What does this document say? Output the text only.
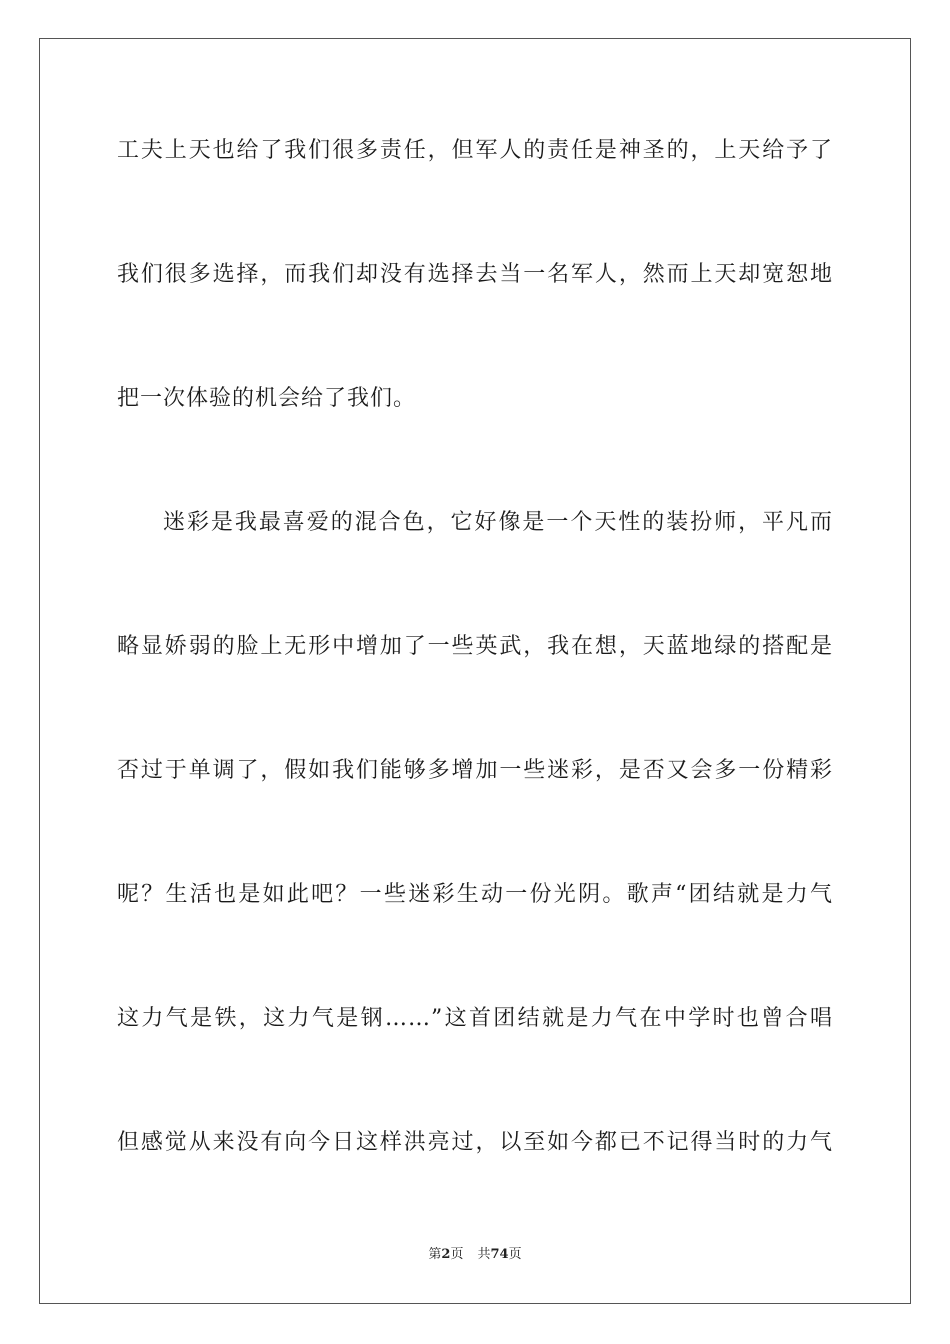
工夫上天也给了我们很多责任，但军人的责任是神圣的，上天给予了
我们很多选择，而我们却没有选择去当一名军人，然而上天却宽恕地
把一次体验的机会给了我们。
迷彩是我最喜爱的混合色，它好像是一个天性的装扮师，平凡而
略显娇弱的脸上无形中增加了一些英武，我在想，天蓝地绿的搭配是
否过于单调了，假如我们能够多增加一些迷彩，是否又会多一份精彩
呢？生活也是如此吧？一些迷彩生动一份光阴。歌声“团结就是力气
这力气是铁，这力气是钢……”这首团结就是力气在中学时也曾合唱
但感觉从来没有向今日这样洪亮过，以至如今都已不记得当时的力气
第2页 共74页
